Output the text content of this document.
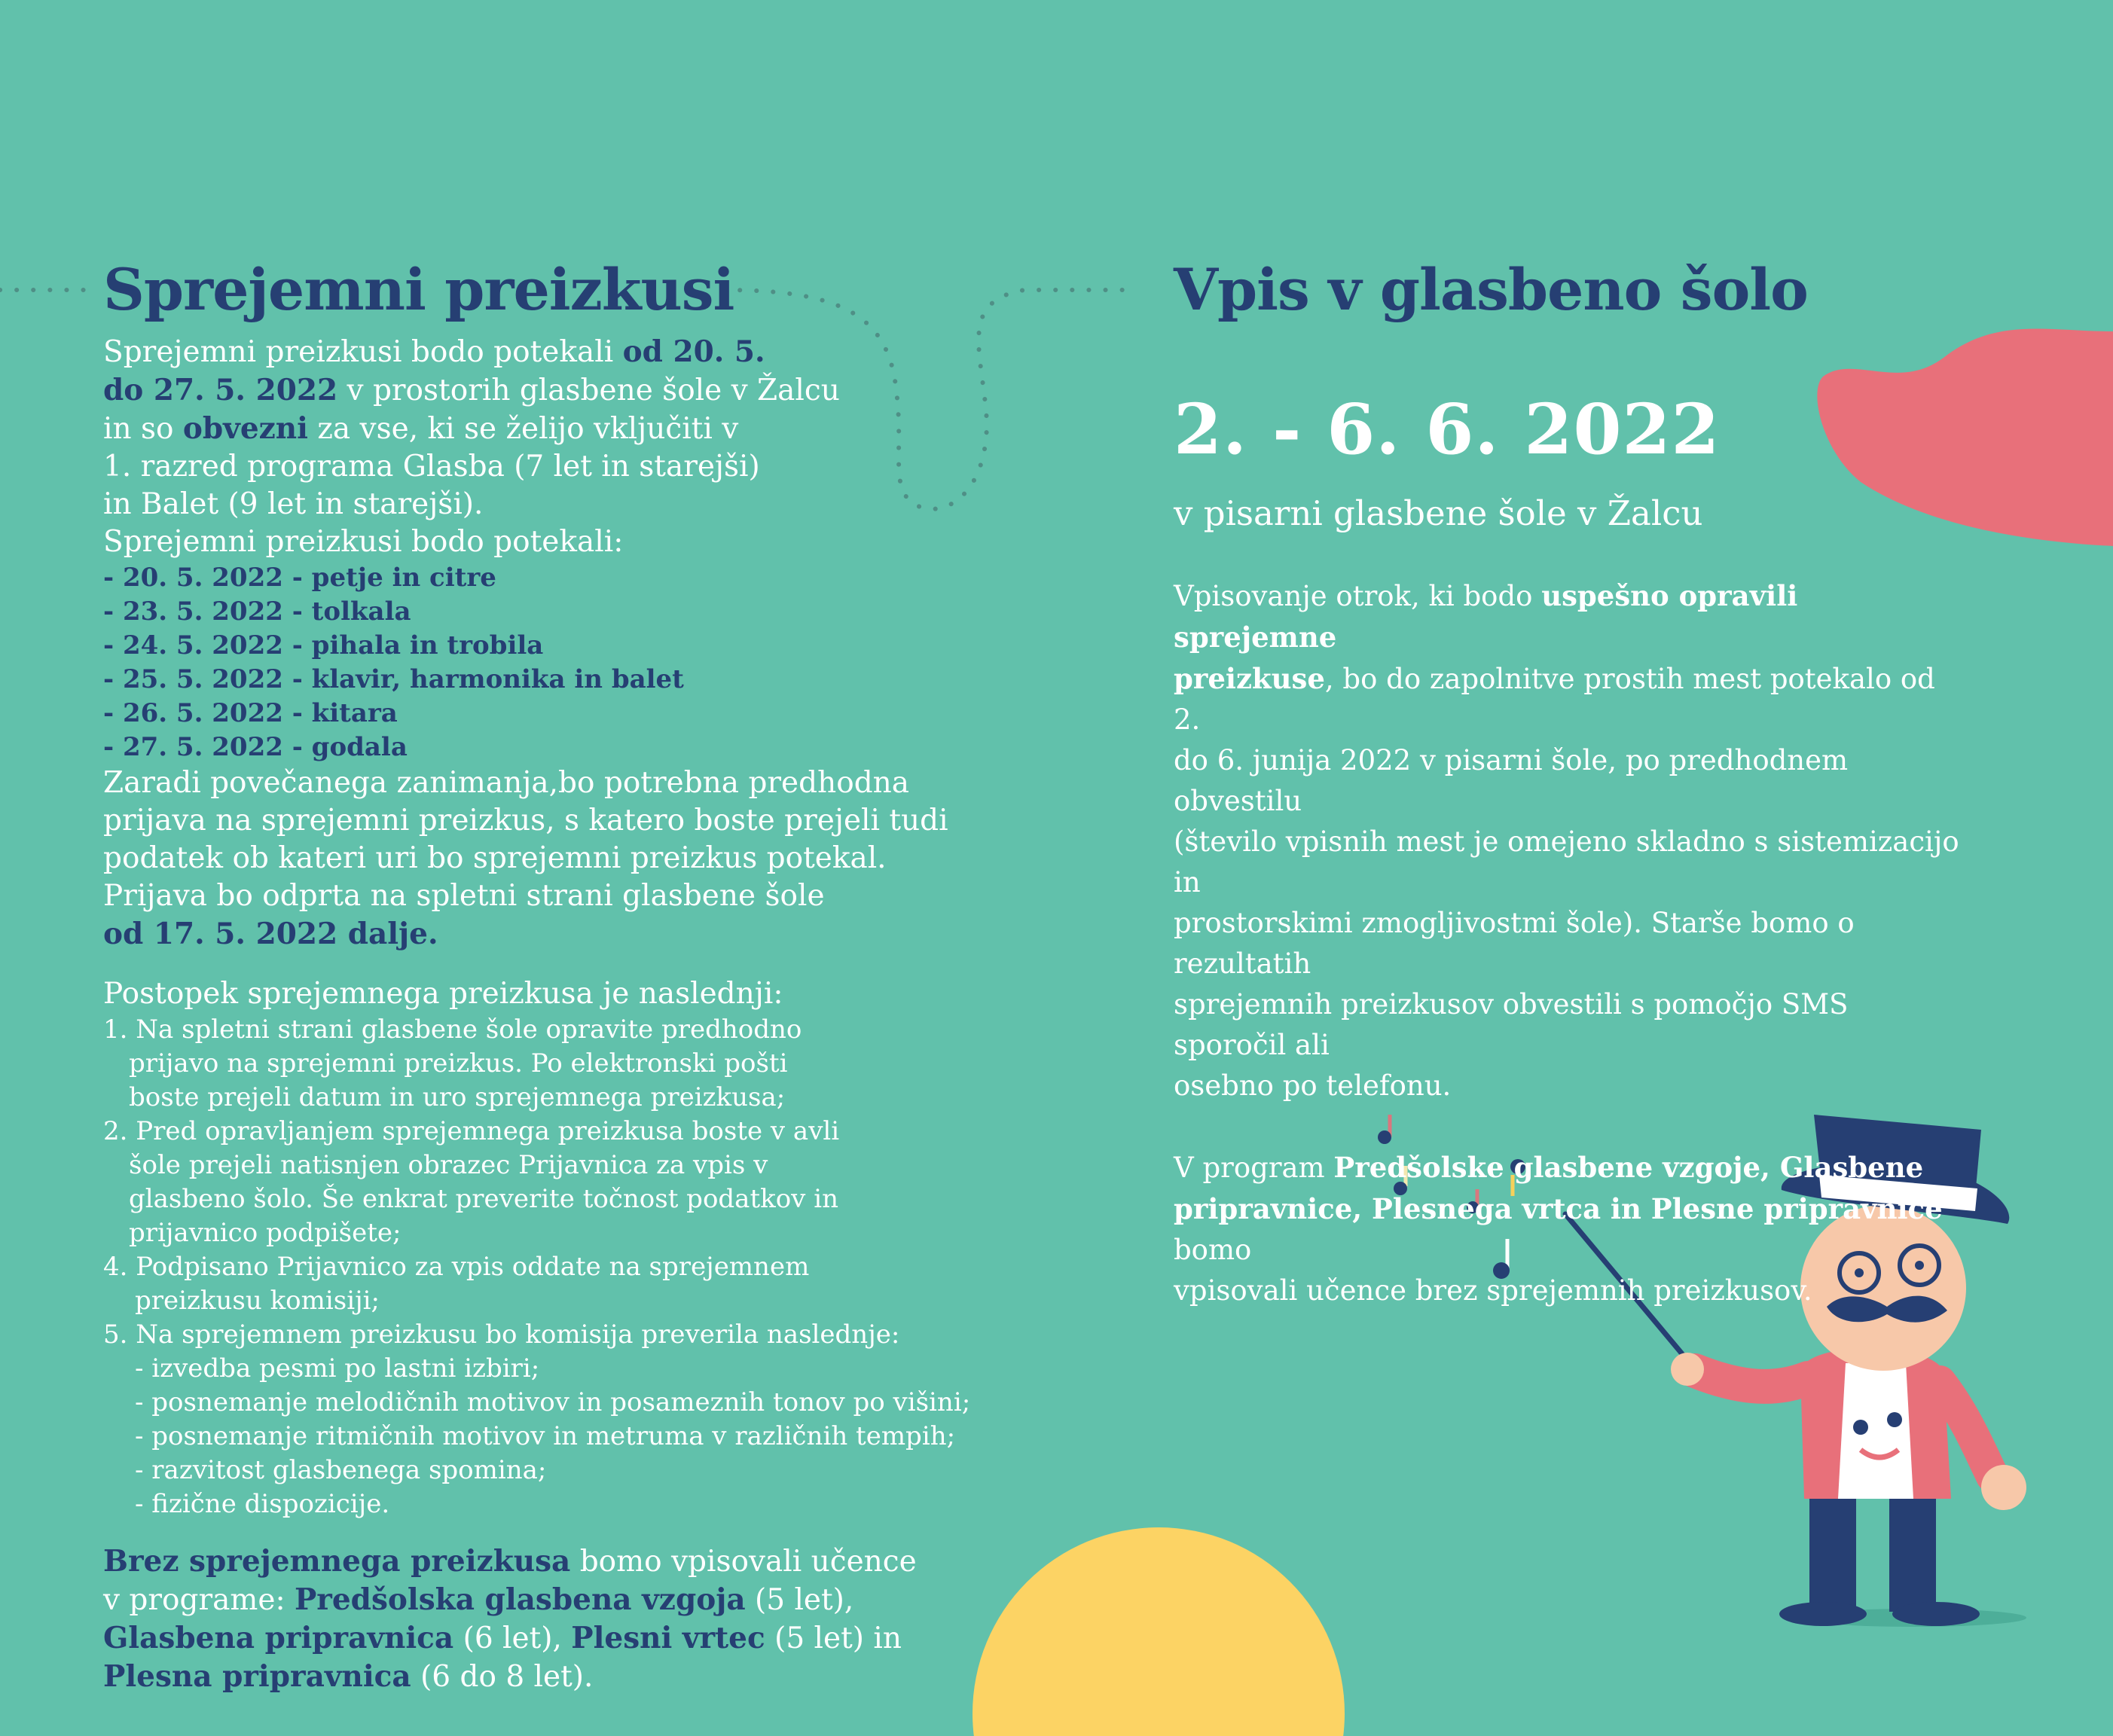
Sprejemni preizkusi

Sprejemni preizkusi bodo potekali od 20. 5.

do 27. 5. 2022 v prostorih glasbene šole v Žalcu

in so obvezni za vse, ki se želijo vključiti v

1. razred programa Glasba (7 let in starejši)

in Balet (9 let in starejši).

Sprejemni preizkusi bodo potekali:

- 20. 5. 2022 - petje in citre

- 23. 5. 2022 - tolkala

- 24. 5. 2022 - pihala in trobila

- 25. 5. 2022 - klavir, harmonika in balet

- 26. 5. 2022 - kitara

- 27. 5. 2022 - godala

Zaradi povečanega zanimanja,bo potrebna predhodna

prijava na sprejemni preizkus, s katero boste prejeli tudi

podatek ob kateri uri bo sprejemni preizkus potekal.

Prijava bo odprta na spletni strani glasbene šole

od 17. 5. 2022 dalje.

Postopek sprejemnega preizkusa je naslednji:

1. Na spletni strani glasbene šole opravite predhodno

prijavo na sprejemni preizkus. Po elektronski pošti

boste prejeli datum in uro sprejemnega preizkusa;

2. Pred opravljanjem sprejemnega preizkusa boste v avli

šole prejeli natisnjen obrazec Prijavnica za vpis v

glasbeno šolo. Še enkrat preverite točnost podatkov in

prijavnico podpišete;

4. Podpisano Prijavnico za vpis oddate na sprejemnem

preizkusu komisiji;

5. Na sprejemnem preizkusu bo komisija preverila naslednje:

- izvedba pesmi po lastni izbiri;

- posnemanje melodičnih motivov in posameznih tonov po višini;

- posnemanje ritmičnih motivov in metruma v različnih tempih;

- razvitost glasbenega spomina;

- fizične dispozicije.

Brez sprejemnega preizkusa bomo vpisovali učence

v programe: Predšolska glasbena vzgoja (5 let),

Glasbena pripravnica (6 let), Plesni vrtec (5 let) in

Plesna pripravnica (6 do 8 let).

Vpis v glasbeno šolo
2. - 6. 6. 2022
v pisarni glasbene šole v Žalcu

Vpisovanje otrok, ki bodo uspešno opravili sprejemne

preizkuse, bo do zapolnitve prostih mest potekalo od 2.

do 6. junija 2022 v pisarni šole, po predhodnem obvestilu

(število vpisnih mest je omejeno skladno s sistemizacijo in

prostorskimi zmogljivostmi šole). Starše bomo o rezultatih

sprejemnih preizkusov obvestili s pomočjo SMS sporočil ali

osebno po telefonu.

V program Predšolske glasbene vzgoje, Glasbene

pripravnice, Plesnega vrtca in Plesne pripravnice bomo

vpisovali učence brez sprejemnih preizkusov.
